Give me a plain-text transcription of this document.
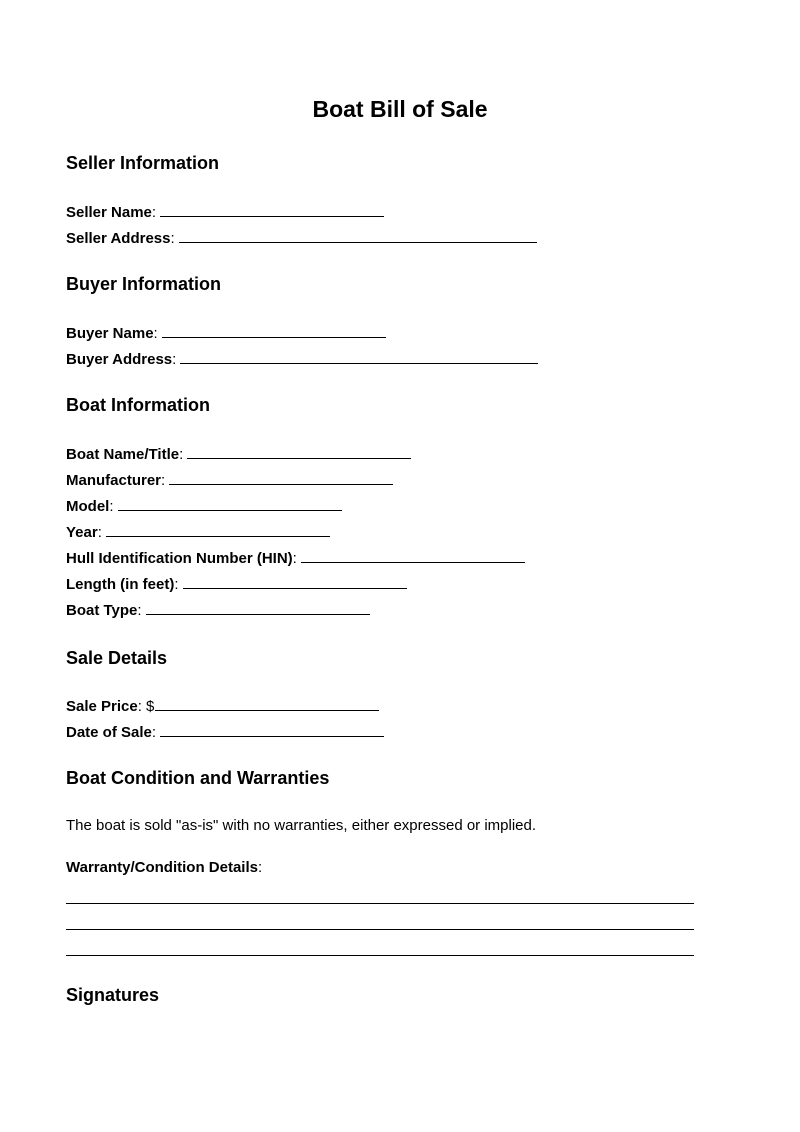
Boat Bill of Sale
Seller Information
Seller Name:
Seller Address:
Buyer Information
Buyer Name:
Buyer Address:
Boat Information
Boat Name/Title:
Manufacturer:
Model:
Year:
Hull Identification Number (HIN):
Length (in feet):
Boat Type:
Sale Details
Sale Price: $
Date of Sale:
Boat Condition and Warranties
The boat is sold "as-is" with no warranties, either expressed or implied.
Warranty/Condition Details:
Signatures
